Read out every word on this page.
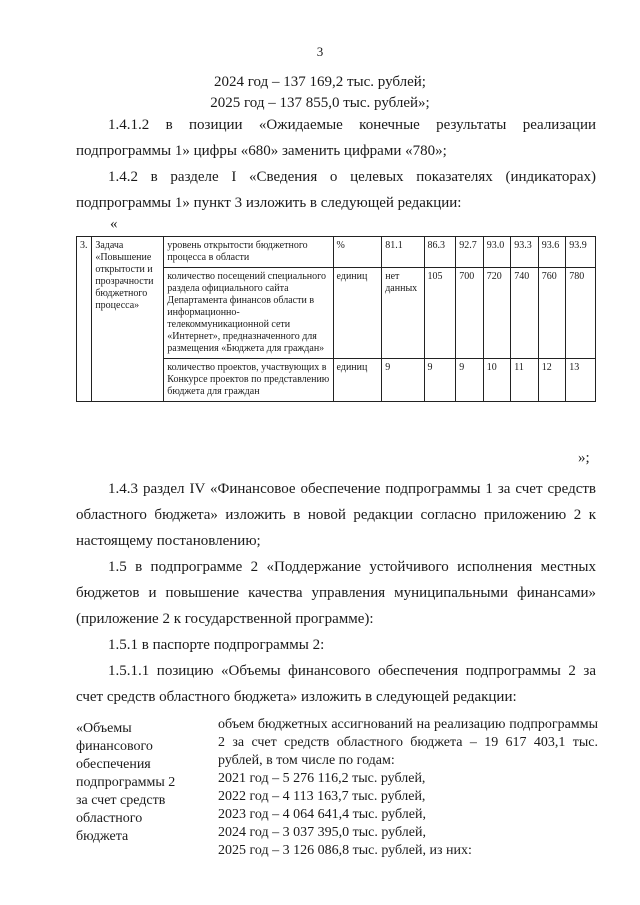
3
2024 год – 137 169,2 тыс. рублей;
2025 год – 137 855,0 тыс. рублей»;
1.4.1.2 в позиции «Ожидаемые конечные результаты реализации подпрограммы 1» цифры «680» заменить цифрами «780»;
1.4.2 в разделе I «Сведения о целевых показателях (индикаторах) подпрограммы 1» пункт 3 изложить в следующей редакции:
«
3.	Задача «Повышение открытости и прозрачности бюджетного процесса»	уровень открытости бюджетного процесса в области	%	81.1	86.3	92.7	93.0	93.3	93.6	93.9
		количество посещений специального раздела официального сайта Департамента финансов области в информационно-телекоммуникационной сети «Интернет», предназначенного для размещения «Бюджета для граждан»	единиц	нет данных	105	700	720	740	760	780
		количество проектов, участвующих в Конкурсе проектов по представлению бюджета для граждан	единиц	9	9	9	10	11	12	13
»;
1.4.3 раздел IV «Финансовое обеспечение подпрограммы 1 за счет средств областного бюджета» изложить в новой редакции согласно приложению 2 к настоящему постановлению;
1.5 в подпрограмме 2 «Поддержание устойчивого исполнения местных бюджетов и повышение качества управления муниципальными финансами» (приложение 2 к государственной программе):
1.5.1 в паспорте подпрограммы 2:
1.5.1.1 позицию «Объемы финансового обеспечения подпрограммы 2 за счет средств областного бюджета» изложить в следующей редакции:
«Объемы
финансового
обеспечения
подпрограммы 2
за счет средств
областного
бюджета
объем бюджетных ассигнований на реализацию подпрограммы 2 за счет средств областного бюджета – 19 617 403,1 тыс. рублей, в том числе по годам:
2021 год – 5 276 116,2 тыс. рублей,
2022 год – 4 113 163,7 тыс. рублей,
2023 год – 4 064 641,4 тыс. рублей,
2024 год – 3 037 395,0 тыс. рублей,
2025 год – 3 126 086,8 тыс. рублей, из них:
